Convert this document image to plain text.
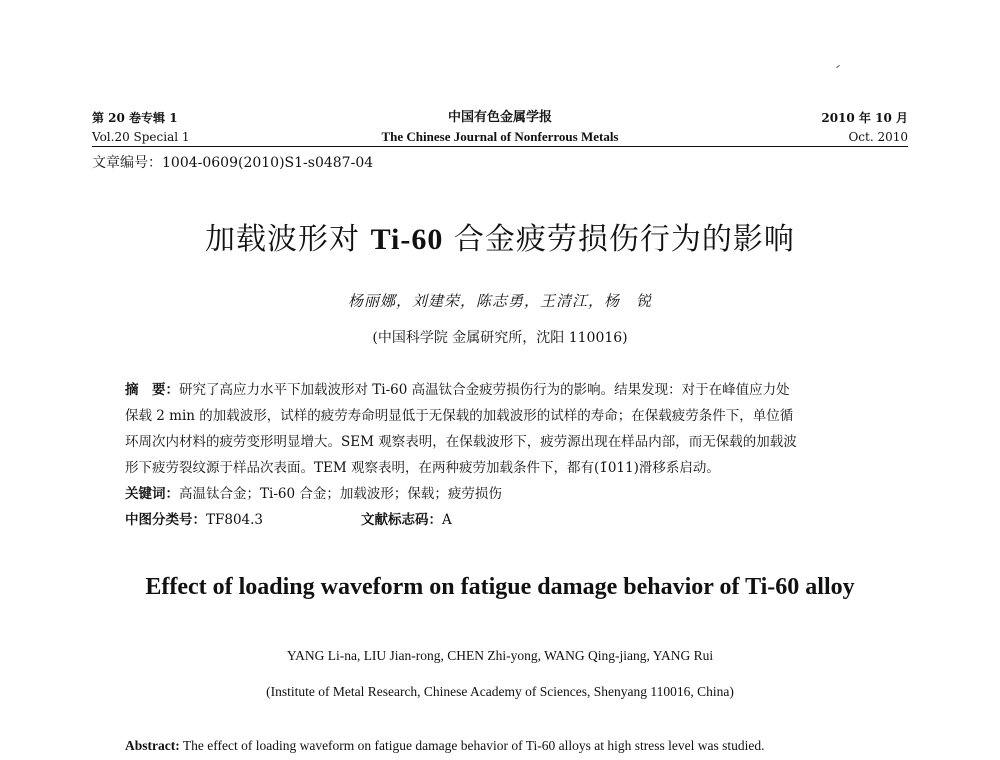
第 20 卷专辑 1
Vol.20 Special 1
中国有色金属学报
The Chinese Journal of Nonferrous Metals
2010 年 10 月
Oct. 2010
文章编号：1004-0609(2010)S1-s0487-04
加载波形对 Ti-60 合金疲劳损伤行为的影响
杨丽娜，刘建荣，陈志勇，王清江，杨　锐
(中国科学院 金属研究所，沈阳 110016)
摘　要：研究了高应力水平下加载波形对 Ti-60 高温钛合金疲劳损伤行为的影响。结果发现：对于在峰值应力处
保载 2 min 的加载波形，试样的疲劳寿命明显低于无保载的加载波形的试样的寿命；在保载疲劳条件下，单位循
环周次内材料的疲劳变形明显增大。SEM 观察表明，在保载波形下，疲劳源出现在样品内部，而无保载的加载波
形下疲劳裂纹源于样品次表面。TEM 观察表明，在两种疲劳加载条件下，都有(1̄011)滑移系启动。
关键词：高温钛合金；Ti-60 合金；加载波形；保载；疲劳损伤
中图分类号：TF804.3	文献标志码：A
Effect of loading waveform on fatigue damage behavior of Ti-60 alloy
YANG Li-na, LIU Jian-rong, CHEN Zhi-yong, WANG Qing-jiang, YANG Rui
(Institute of Metal Research, Chinese Academy of Sciences, Shenyang 110016, China)
Abstract: The effect of loading waveform on fatigue damage behavior of Ti-60 alloys at high stress level was studied.
